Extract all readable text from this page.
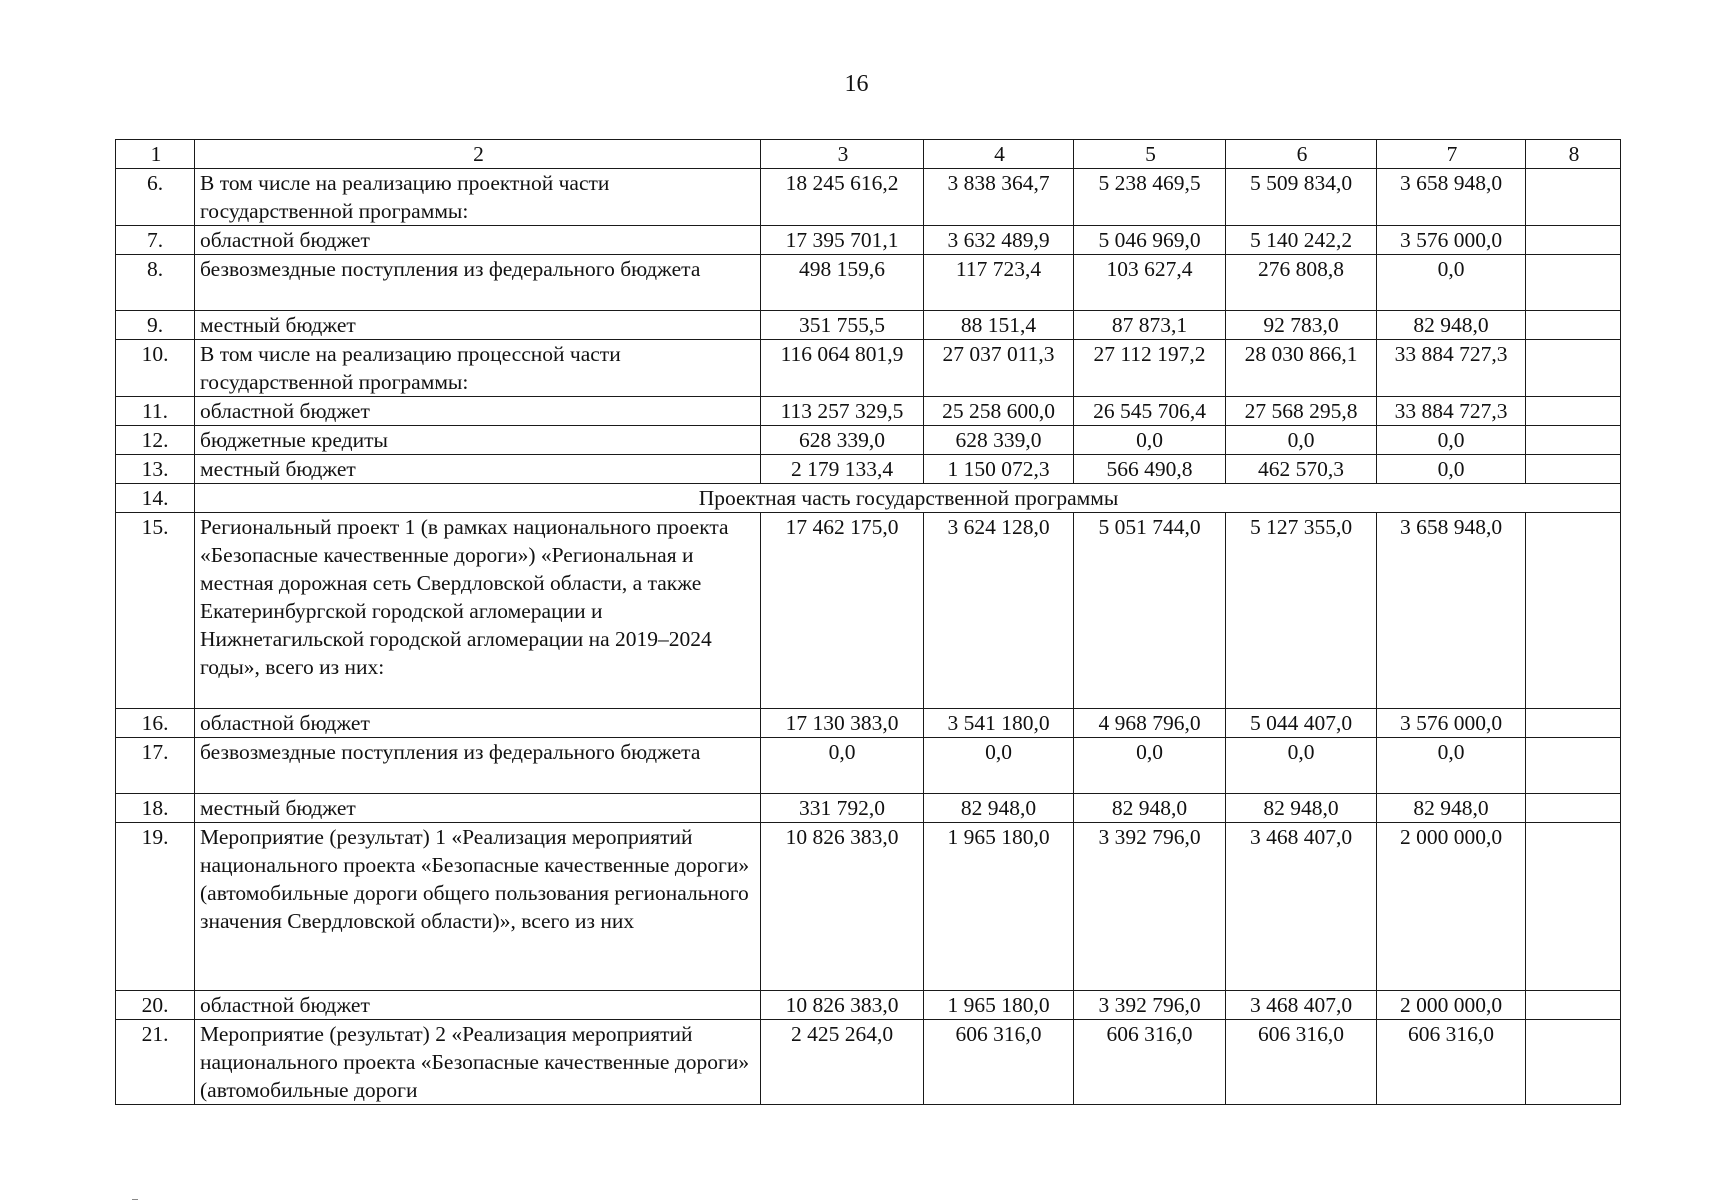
16
1	2	3	4	5	6	7	8
6.	В том числе на реализацию проектной части государственной программы:	18 245 616,2	3 838 364,7	5 238 469,5	5 509 834,0	3 658 948,0	
7.	областной бюджет	17 395 701,1	3 632 489,9	5 046 969,0	5 140 242,2	3 576 000,0	
8.	безвозмездные поступления из федерального бюджета	498 159,6	117 723,4	103 627,4	276 808,8	0,0	
9.	местный бюджет	351 755,5	88 151,4	87 873,1	92 783,0	82 948,0	
10.	В том числе на реализацию процессной части государственной программы:	116 064 801,9	27 037 011,3	27 112 197,2	28 030 866,1	33 884 727,3	
11.	областной бюджет	113 257 329,5	25 258 600,0	26 545 706,4	27 568 295,8	33 884 727,3	
12.	бюджетные кредиты	628 339,0	628 339,0	0,0	0,0	0,0	
13.	местный бюджет	2 179 133,4	1 150 072,3	566 490,8	462 570,3	0,0	
14.	Проектная часть государственной программы						
15.	Региональный проект 1 (в рамках национального проекта «Безопасные качественные дороги») «Региональная и местная дорожная сеть Свердловской области, а также Екатеринбургской городской агломерации и Нижнетагильской городской агломерации на 2019–2024 годы», всего из них:	17 462 175,0	3 624 128,0	5 051 744,0	5 127 355,0	3 658 948,0	
16.	областной бюджет	17 130 383,0	3 541 180,0	4 968 796,0	5 044 407,0	3 576 000,0	
17.	безвозмездные поступления из федерального бюджета	0,0	0,0	0,0	0,0	0,0	
18.	местный бюджет	331 792,0	82 948,0	82 948,0	82 948,0	82 948,0	
19.	Мероприятие (результат) 1 «Реализация мероприятий национального проекта «Безопасные качественные дороги» (автомобильные дороги общего пользования регионального значения Свердловской области)», всего из них	10 826 383,0	1 965 180,0	3 392 796,0	3 468 407,0	2 000 000,0	
20.	областной бюджет	10 826 383,0	1 965 180,0	3 392 796,0	3 468 407,0	2 000 000,0	
21.	Мероприятие (результат) 2 «Реализация мероприятий национального проекта «Безопасные качественные дороги» (автомобильные дороги	2 425 264,0	606 316,0	606 316,0	606 316,0	606 316,0	
